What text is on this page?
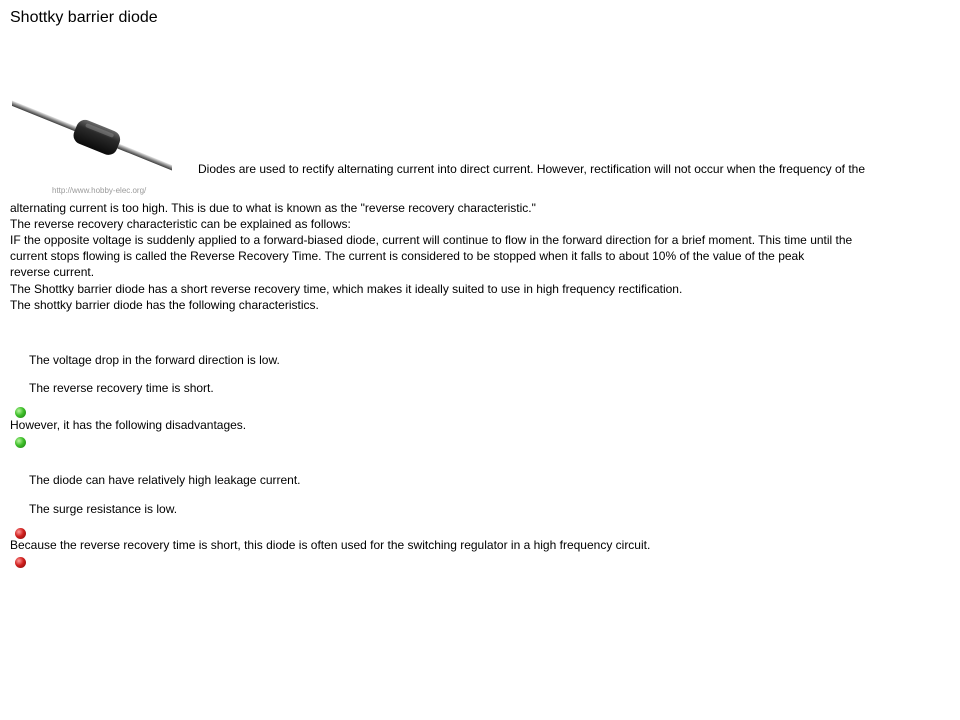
Shottky barrier diode
http://www.hobby-elec.org/
Diodes are used to rectify alternating current into direct current. However, rectification will not occur when the frequency of the
alternating current is too high. This is due to what is known as the "reverse recovery characteristic."
The reverse recovery characteristic can be explained as follows:
IF the opposite voltage is suddenly applied to a forward-biased diode, current will continue to flow in the forward direction for a brief moment. This time until the
current stops flowing is called the Reverse Recovery Time. The current is considered to be stopped when it falls to about 10% of the value of the peak
reverse current.
The Shottky barrier diode has a short reverse recovery time, which makes it ideally suited to use in high frequency rectification.
The shottky barrier diode has the following characteristics.
The voltage drop in the forward direction is low.
The reverse recovery time is short.
However, it has the following disadvantages.
The diode can have relatively high leakage current.
The surge resistance is low.
Because the reverse recovery time is short, this diode is often used for the switching regulator in a high frequency circuit.
